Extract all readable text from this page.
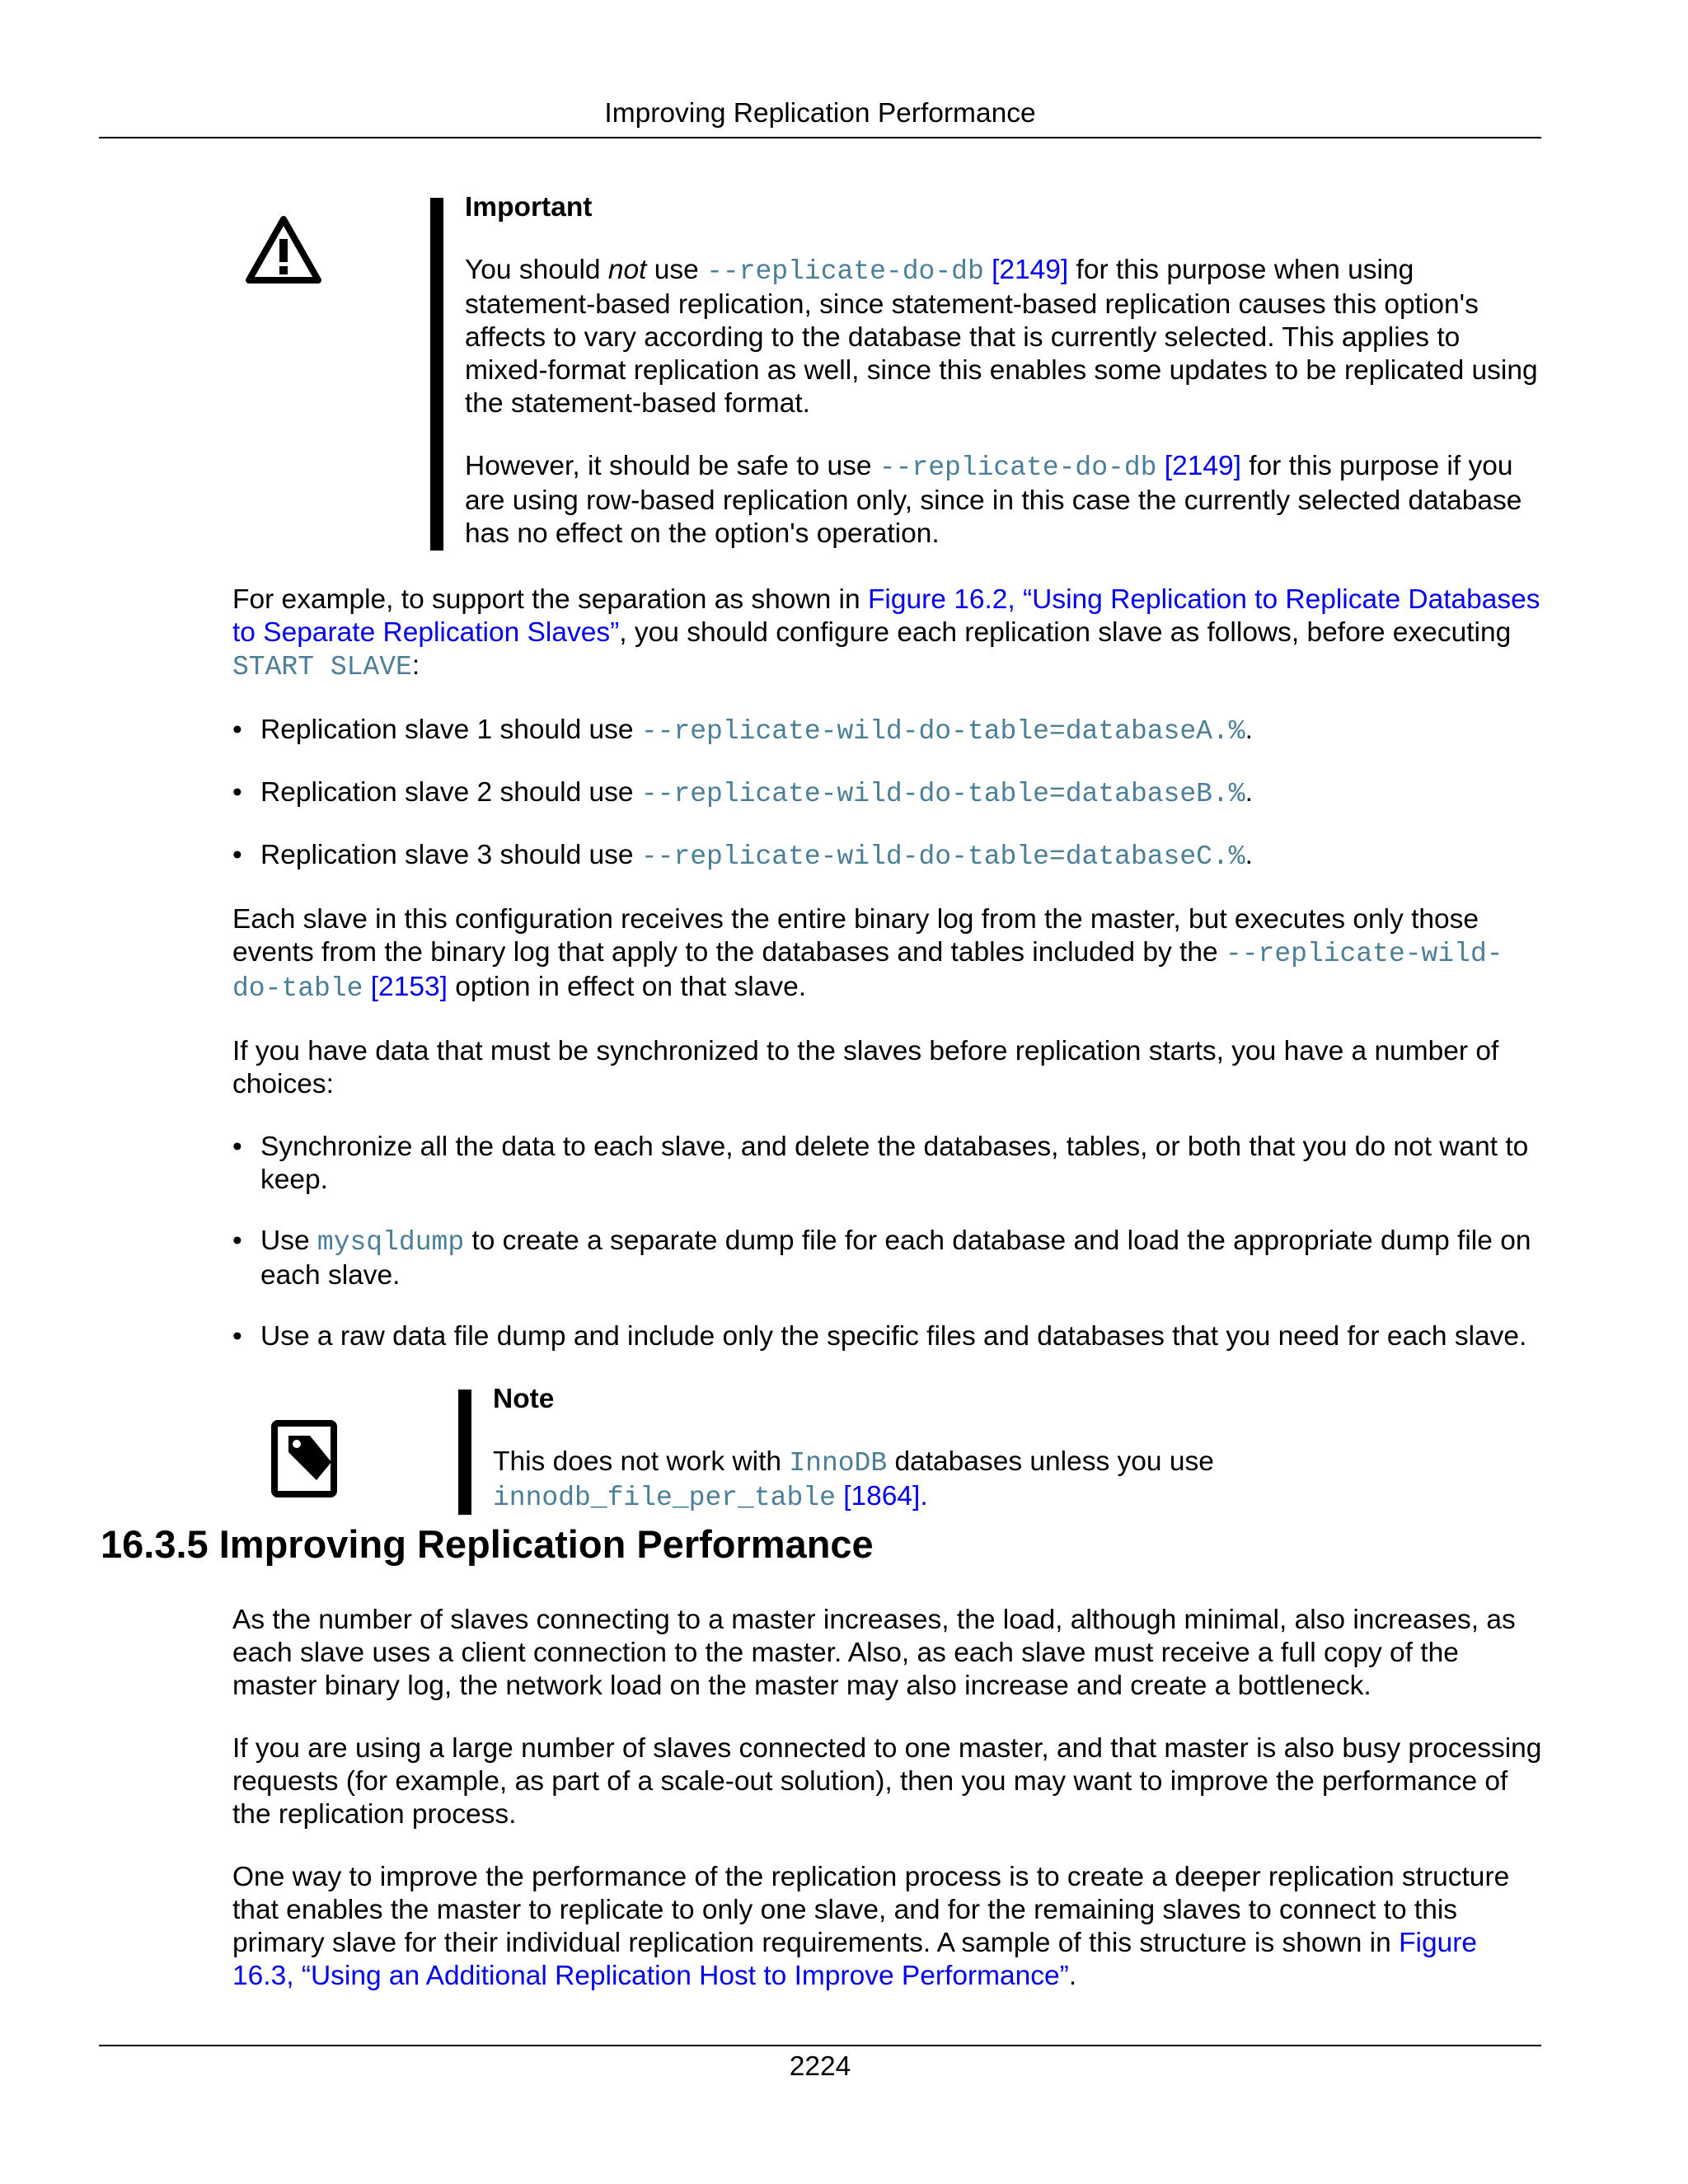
Improving Replication Performance
Important

You should not use --replicate-do-db [2149] for this purpose when using statement-based replication, since statement-based replication causes this option's affects to vary according to the database that is currently selected. This applies to mixed-format replication as well, since this enables some updates to be replicated using the statement-based format.

However, it should be safe to use --replicate-do-db [2149] for this purpose if you are using row-based replication only, since in this case the currently selected database has no effect on the option's operation.

For example, to support the separation as shown in Figure 16.2, “Using Replication to Replicate Databases to Separate Replication Slaves”, you should configure each replication slave as follows, before executing START SLAVE:

• Replication slave 1 should use --replicate-wild-do-table=databaseA.%.
• Replication slave 2 should use --replicate-wild-do-table=databaseB.%.
• Replication slave 3 should use --replicate-wild-do-table=databaseC.%.

Each slave in this configuration receives the entire binary log from the master, but executes only those events from the binary log that apply to the databases and tables included by the --replicate-wild-do-table [2153] option in effect on that slave.

If you have data that must be synchronized to the slaves before replication starts, you have a number of choices:

• Synchronize all the data to each slave, and delete the databases, tables, or both that you do not want to keep.
• Use mysqldump to create a separate dump file for each database and load the appropriate dump file on each slave.
• Use a raw data file dump and include only the specific files and databases that you need for each slave.
Note

This does not work with InnoDB databases unless you use innodb_file_per_table [1864].

16.3.5 Improving Replication Performance

As the number of slaves connecting to a master increases, the load, although minimal, also increases, as each slave uses a client connection to the master. Also, as each slave must receive a full copy of the master binary log, the network load on the master may also increase and create a bottleneck.

If you are using a large number of slaves connected to one master, and that master is also busy processing requests (for example, as part of a scale-out solution), then you may want to improve the performance of the replication process.

One way to improve the performance of the replication process is to create a deeper replication structure that enables the master to replicate to only one slave, and for the remaining slaves to connect to this primary slave for their individual replication requirements. A sample of this structure is shown in Figure 16.3, “Using an Additional Replication Host to Improve Performance”.

2224
